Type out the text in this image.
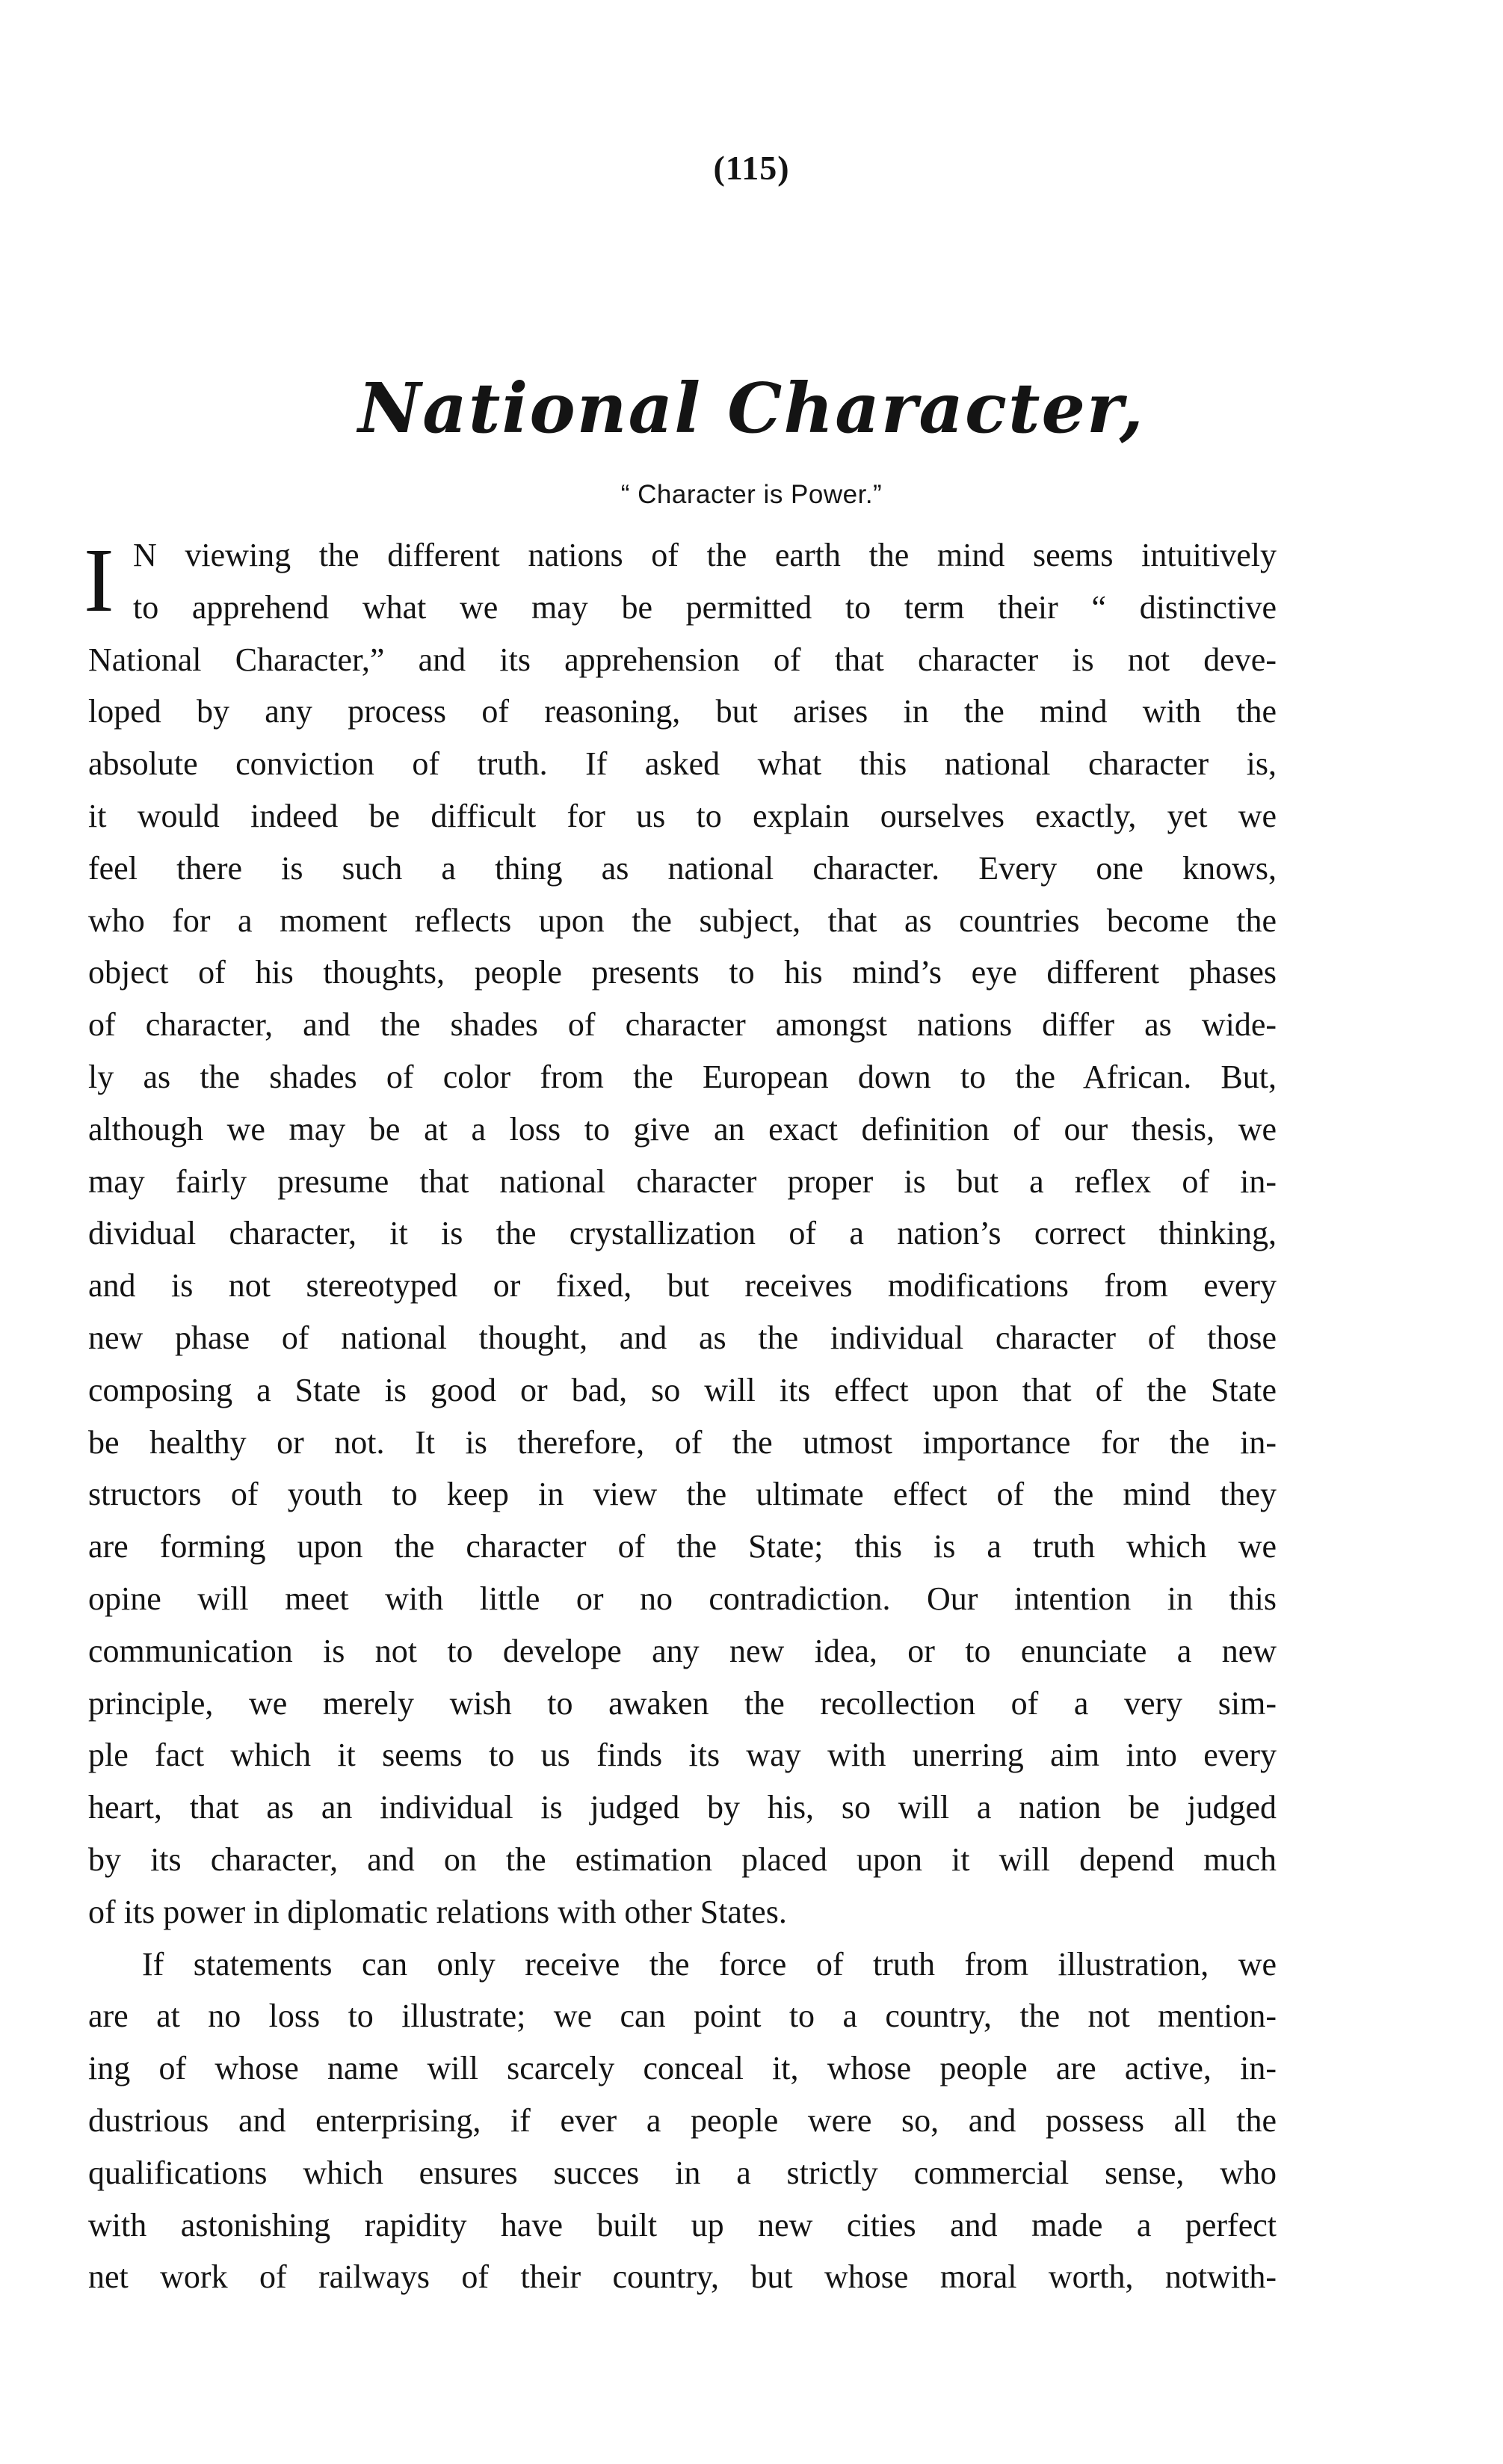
(115)
National Character,
“ Character is Power.”
I N viewing the different nations of the earth the mind seems intuitively
to apprehend what we may be permitted to term their “ distinctive
National Character,” and its apprehension of that character is not deve-
loped by any process of reasoning, but arises in the mind with the
absolute conviction of truth. If asked what this national character is,
it would indeed be difficult for us to explain ourselves exactly, yet we
feel there is such a thing as national character. Every one knows,
who for a moment reflects upon the subject, that as countries become the
object of his thoughts, people presents to his mind’s eye different phases
of character, and the shades of character amongst nations differ as wide-
ly as the shades of color from the European down to the African. But,
although we may be at a loss to give an exact definition of our thesis, we
may fairly presume that national character proper is but a reflex of in-
dividual character, it is the crystallization of a nation’s correct thinking,
and is not stereotyped or fixed, but receives modifications from every
new phase of national thought, and as the individual character of those
composing a State is good or bad, so will its effect upon that of the State
be healthy or not. It is therefore, of the utmost importance for the in-
structors of youth to keep in view the ultimate effect of the mind they
are forming upon the character of the State; this is a truth which we
opine will meet with little or no contradiction. Our intention in this
communication is not to develope any new idea, or to enunciate a new
principle, we merely wish to awaken the recollection of a very sim-
ple fact which it seems to us finds its way with unerring aim into every
heart, that as an individual is judged by his, so will a nation be judged
by its character, and on the estimation placed upon it will depend much
of its power in diplomatic relations with other States.
If statements can only receive the force of truth from illustration, we
are at no loss to illustrate; we can point to a country, the not mention-
ing of whose name will scarcely conceal it, whose people are active, in-
dustrious and enterprising, if ever a people were so, and possess all the
qualifications which ensures succes in a strictly commercial sense, who
with astonishing rapidity have built up new cities and made a perfect
net work of railways of their country, but whose moral worth, notwith-
